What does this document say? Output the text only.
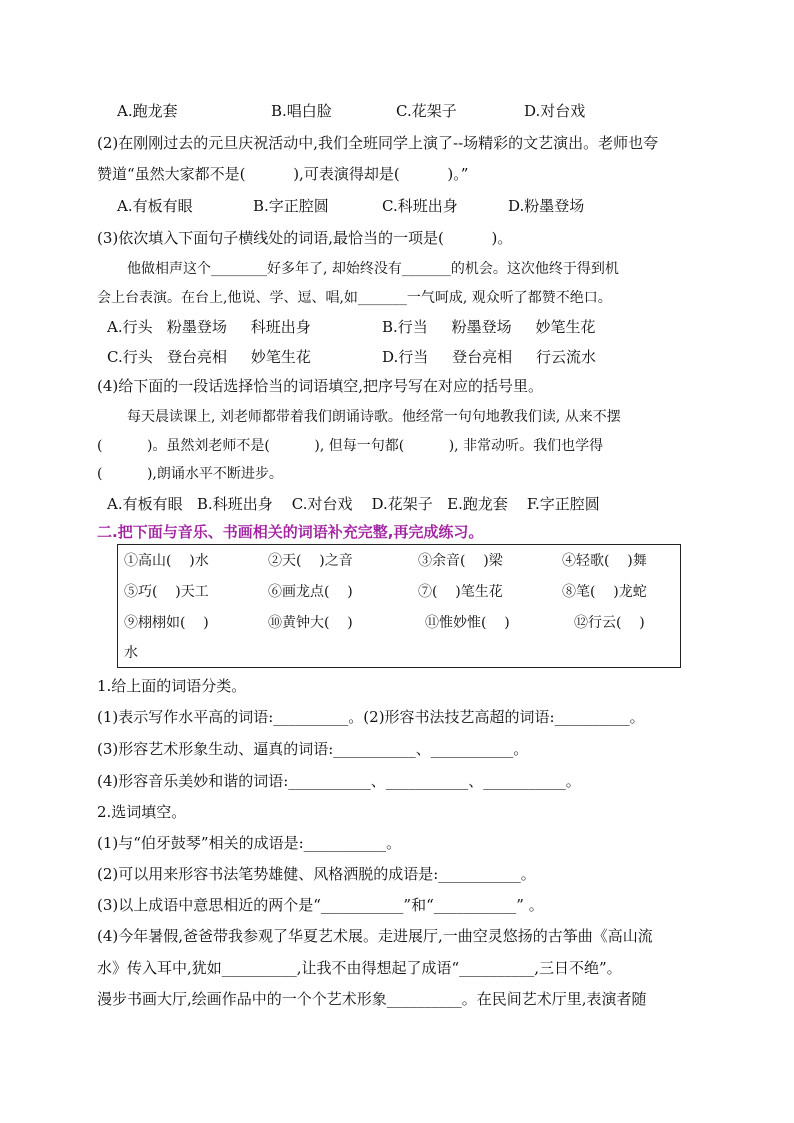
A.跑龙套	B.唱白脸	C.花架子	D.对台戏
(2)在刚刚过去的元旦庆祝活动中,我们全班同学上演了--场精彩的文艺演出。老师也夸
赞道“虽然大家都不是(          ),可表演得却是(          )。”
A.有板有眼	B.字正腔圆	C.科班出身	D.粉墨登场
(3)依次填入下面句子横线处的词语,最恰当的一项是(          )。
他做相声这个________好多年了, 却始终没有_______的机会。这次他终于得到机
会上台表演。在台上,他说、学、逗、唱,如_______一气呵成, 观众听了都赞不绝口。
A.行头   粉墨登场     科班出身	B.行当     粉墨登场     妙笔生花
C.行头   登台亮相     妙笔生花	D.行当     登台亮相     行云流水
(4)给下面的一段话选择恰当的词语填空,把序号写在对应的括号里。
每天晨读课上, 刘老师都带着我们朗诵诗歌。他经常一句句地教我们读, 从来不摆
(          )。虽然刘老师不是(          ), 但每一句都(          ), 非常动听。我们也学得
(          ),朗诵水平不断进步。
A.有板有眼   B.科班出身    C.对台戏    D.花架子   E.跑龙套    F.字正腔圆
二.把下面与音乐、书画相关的词语补充完整,再完成练习。
①高山(    )水	②天(    )之音	③余音(    )梁	④轻歌(    )舞
⑤巧(    )天工	⑥画龙点(    )	⑦(    )笔生花	⑧笔(    )龙蛇
⑨栩栩如(    )	⑩黄钟大(    )	⑪惟妙惟(    )	⑫行云(    )
水
1.给上面的词语分类。
(1)表示写作水平高的词语:__________。(2)形容书法技艺高超的词语:__________。
(3)形容艺术形象生动、逼真的词语:___________、___________。
(4)形容音乐美妙和谐的词语:___________、___________、___________。
2.选词填空。
(1)与“伯牙鼓琴”相关的成语是:___________。
(2)可以用来形容书法笔势雄健、风格洒脱的成语是:___________。
(3)以上成语中意思相近的两个是“___________”和“___________” 。
(4)今年暑假,爸爸带我参观了华夏艺术展。走进展厅,一曲空灵悠扬的古筝曲《高山流
水》传入耳中,犹如__________,让我不由得想起了成语“__________,三日不绝”。
漫步书画大厅,绘画作品中的一个个艺术形象__________。在民间艺术厅里,表演者随
